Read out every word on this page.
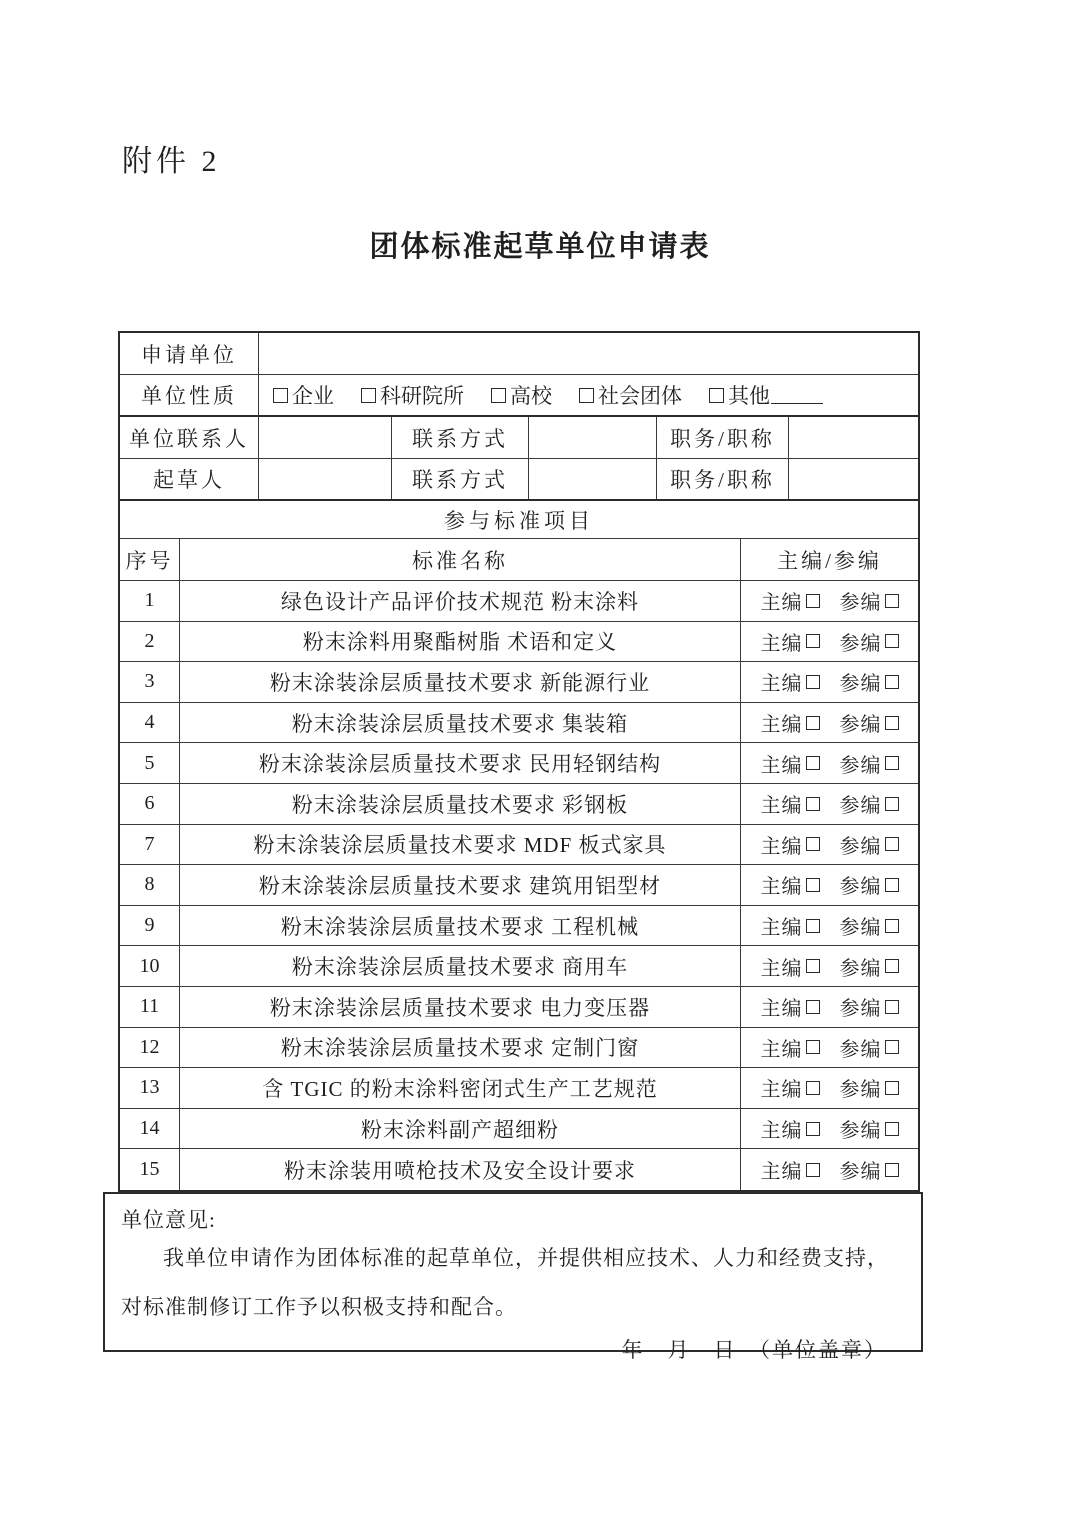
附件 2
团体标准起草单位申请表
申请单位
单位性质	企业 科研院所 高校 社会团体 其他
单位联系人	联系方式	职务/职称
起草人	联系方式	职务/职称
参与标准项目
序号	标准名称	主编/参编
1	绿色设计产品评价技术规范 粉末涂料	主编 参编
2	粉末涂料用聚酯树脂 术语和定义	主编 参编
3	粉末涂装涂层质量技术要求 新能源行业	主编 参编
4	粉末涂装涂层质量技术要求 集装箱	主编 参编
5	粉末涂装涂层质量技术要求 民用轻钢结构	主编 参编
6	粉末涂装涂层质量技术要求 彩钢板	主编 参编
7	粉末涂装涂层质量技术要求 MDF 板式家具	主编 参编
8	粉末涂装涂层质量技术要求 建筑用铝型材	主编 参编
9	粉末涂装涂层质量技术要求 工程机械	主编 参编
10	粉末涂装涂层质量技术要求 商用车	主编 参编
11	粉末涂装涂层质量技术要求 电力变压器	主编 参编
12	粉末涂装涂层质量技术要求 定制门窗	主编 参编
13	含 TGIC 的粉末涂料密闭式生产工艺规范	主编 参编
14	粉末涂料副产超细粉	主编 参编
15	粉末涂装用喷枪技术及安全设计要求	主编 参编
单位意见:

我单位申请作为团体标准的起草单位，并提供相应技术、人力和经费支持，对标准制修订工作予以积极支持和配合。

年　月　日　（单位盖章）
